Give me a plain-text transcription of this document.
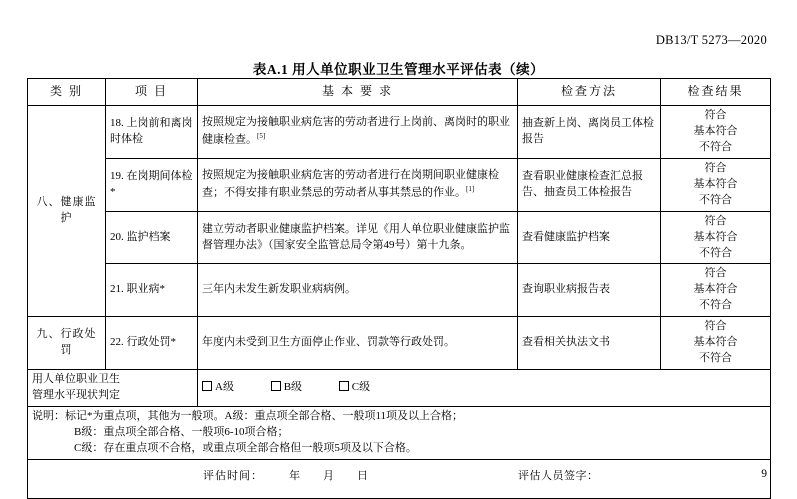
DB13/T 5273—2020
表A.1 用人单位职业卫生管理水平评估表（续）
类 别	项 目	基 本 要 求	检查方法	检查结果
八、健康监护	18. 上岗前和离岗时体检	按照规定为接触职业病危害的劳动者进行上岗前、离岗时的职业健康检查。[5]	抽查新上岗、离岗员工体检报告	符合
基本符合
不符合

	19. 在岗期间体检*	按照规定为接触职业病危害的劳动者进行在岗期间职业健康检查；不得安排有职业禁忌的劳动者从事其禁忌的作业。[1]	查看职业健康检查汇总报告、抽查员工体检报告	符合
基本符合
不符合

	20. 监护档案	建立劳动者职业健康监护档案。详见《用人单位职业健康监护监督管理办法》（国家安全监管总局令第49号）第十九条。	查看健康监护档案	符合
基本符合
不符合

	21. 职业病*	三年内未发生新发职业病病例。	查询职业病报告表	符合
基本符合
不符合

九、行政处罚	22. 行政处罚*	年度内未受到卫生方面停止作业、罚款等行政处罚。	查看相关执法文书	符合
基本符合
不符合

用人单位职业卫生
管理水平现状判定		A级 B级 C级		
说明：标记*为重点项，其他为一般项。A级：重点项全部合格、一般项11项及以上合格；
B级：重点项全部合格、一般项6-10项合格；
C级：存在重点项不合格，或重点项全部合格但一般项5项及以下合格。				

评估时间： 年 月 日 评估人员签字：					9
